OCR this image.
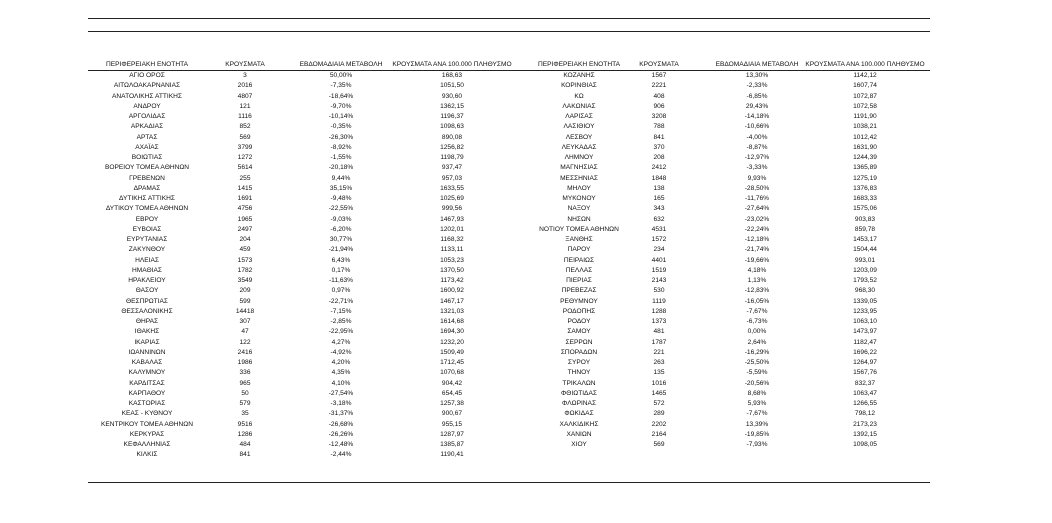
ΠΕΡΙΦΕΡΕΙΑΚΗ ΕΝΟΤΗΤΑ	ΚΡΟΥΣΜΑΤΑ	ΕΒΔΟΜΑΔΙΑΙΑ ΜΕΤΑΒΟΛΗ	ΚΡΟΥΣΜΑΤΑ ΑΝΑ 100.000 ΠΛΗΘΥΣΜΟ	ΠΕΡΙΦΕΡΕΙΑΚΗ ΕΝΟΤΗΤΑ	ΚΡΟΥΣΜΑΤΑ	ΕΒΔΟΜΑΔΙΑΙΑ ΜΕΤΑΒΟΛΗ	ΚΡΟΥΣΜΑΤΑ ΑΝΑ 100.000 ΠΛΗΘΥΣΜΟ
ΑΓΙΟ ΟΡΟΣ	3	50,00%	168,63
ΑΙΤΩΛΟΑΚΑΡΝΑΝΙΑΣ	2016	-7,35%	1051,50
ΑΝΑΤΟΛΙΚΗΣ ΑΤΤΙΚΗΣ	4807	-18,64%	930,60
ΑΝΔΡΟΥ	121	-9,70%	1362,15
ΑΡΓΟΛΙΔΑΣ	1116	-10,14%	1196,37
ΑΡΚΑΔΙΑΣ	852	-0,35%	1098,63
ΑΡΤΑΣ	569	-26,30%	890,08
ΑΧΑΪΑΣ	3799	-8,92%	1256,82
ΒΟΙΩΤΙΑΣ	1272	-1,55%	1198,79
ΒΟΡΕΙΟΥ ΤΟΜΕΑ ΑΘΗΝΩΝ	5614	-20,18%	937,47
ΓΡΕΒΕΝΩΝ	255	9,44%	957,03
ΔΡΑΜΑΣ	1415	35,15%	1633,55
ΔΥΤΙΚΗΣ ΑΤΤΙΚΗΣ	1691	-9,48%	1025,69
ΔΥΤΙΚΟΥ ΤΟΜΕΑ ΑΘΗΝΩΝ	4756	-22,55%	999,56
ΕΒΡΟΥ	1965	-9,03%	1467,93
ΕΥΒΟΙΑΣ	2497	-6,20%	1202,01
ΕΥΡΥΤΑΝΙΑΣ	204	30,77%	1168,32
ΖΑΚΥΝΘΟΥ	459	-21,94%	1133,11
ΗΛΕΙΑΣ	1573	6,43%	1053,23
ΗΜΑΘΙΑΣ	1782	0,17%	1370,50
ΗΡΑΚΛΕΙΟΥ	3549	-11,63%	1173,42
ΘΑΣΟΥ	209	0,97%	1600,92
ΘΕΣΠΡΩΤΙΑΣ	599	-22,71%	1467,17
ΘΕΣΣΑΛΟΝΙΚΗΣ	14418	-7,15%	1321,03
ΘΗΡΑΣ	307	-2,85%	1614,68
ΙΘΑΚΗΣ	47	-22,95%	1694,30
ΙΚΑΡΙΑΣ	122	4,27%	1232,20
ΙΩΑΝΝΙΝΩΝ	2416	-4,92%	1509,49
ΚΑΒΑΛΑΣ	1986	4,20%	1712,45
ΚΑΛΥΜΝΟΥ	336	4,35%	1070,68
ΚΑΡΔΙΤΣΑΣ	965	4,10%	904,42
ΚΑΡΠΑΘΟΥ	50	-27,54%	654,45
ΚΑΣΤΟΡΙΑΣ	579	-3,18%	1257,38
ΚΕΑΣ - ΚΥΘΝΟΥ	35	-31,37%	900,67
ΚΕΝΤΡΙΚΟΥ ΤΟΜΕΑ ΑΘΗΝΩΝ	9516	-26,68%	955,15
ΚΕΡΚΥΡΑΣ	1286	-26,26%	1287,97
ΚΕΦΑΛΛΗΝΙΑΣ	484	-12,48%	1385,87
ΚΙΛΚΙΣ	841	-2,44%	1190,41
ΚΟΖΑΝΗΣ	1567	13,30%	1142,12
ΚΟΡΙΝΘΙΑΣ	2221	-2,33%	1607,74
ΚΩ	408	-6,85%	1072,87
ΛΑΚΩΝΙΑΣ	906	29,43%	1072,58
ΛΑΡΙΣΑΣ	3208	-14,18%	1191,90
ΛΑΣΙΘΙΟΥ	788	-10,66%	1038,21
ΛΕΣΒΟΥ	841	-4,00%	1012,42
ΛΕΥΚΑΔΑΣ	370	-8,87%	1631,90
ΛΗΜΝΟΥ	208	-12,97%	1244,39
ΜΑΓΝΗΣΙΑΣ	2412	-3,33%	1365,89
ΜΕΣΣΗΝΙΑΣ	1848	9,93%	1275,19
ΜΗΛΟΥ	138	-28,50%	1376,83
ΜΥΚΟΝΟΥ	165	-11,76%	1683,33
ΝΑΞΟΥ	343	-27,64%	1575,06
ΝΗΣΩΝ	632	-23,02%	903,83
ΝΟΤΙΟΥ ΤΟΜΕΑ ΑΘΗΝΩΝ	4531	-22,24%	859,78
ΞΑΝΘΗΣ	1572	-12,18%	1453,17
ΠΑΡΟΥ	234	-21,74%	1504,44
ΠΕΙΡΑΙΩΣ	4401	-19,66%	993,01
ΠΕΛΛΑΣ	1519	4,18%	1203,09
ΠΙΕΡΙΑΣ	2143	1,13%	1793,52
ΠΡΕΒΕΖΑΣ	530	-12,83%	968,30
ΡΕΘΥΜΝΟΥ	1119	-16,05%	1339,05
ΡΟΔΟΠΗΣ	1288	-7,67%	1233,95
ΡΟΔΟΥ	1373	-6,73%	1063,10
ΣΑΜΟΥ	481	0,00%	1473,97
ΣΕΡΡΩΝ	1787	2,64%	1182,47
ΣΠΟΡΑΔΩΝ	221	-16,29%	1696,22
ΣΥΡΟΥ	263	-25,50%	1264,97
ΤΗΝΟΥ	135	-5,59%	1567,76
ΤΡΙΚΑΛΩΝ	1016	-20,56%	832,37
ΦΘΙΩΤΙΔΑΣ	1465	8,68%	1063,47
ΦΛΩΡΙΝΑΣ	572	5,93%	1266,55
ΦΩΚΙΔΑΣ	289	-7,67%	798,12
ΧΑΛΚΙΔΙΚΗΣ	2202	13,39%	2173,23
ΧΑΝΙΩΝ	2164	-19,85%	1392,15
ΧΙΟΥ	569	-7,93%	1098,05
